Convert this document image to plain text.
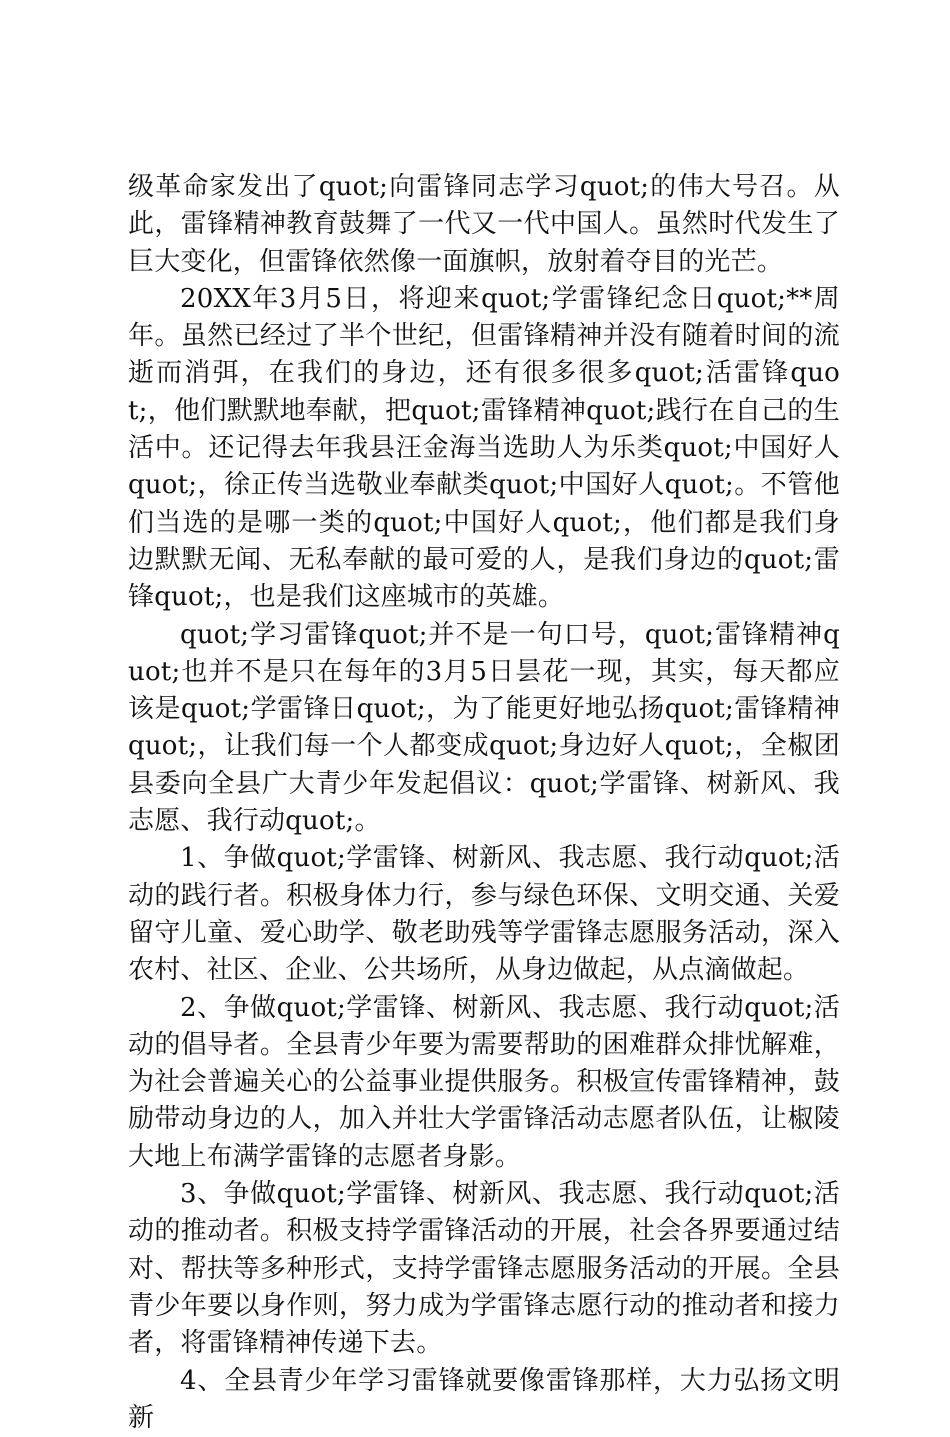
级革命家发出了quot;向雷锋同志学习quot;的伟大号召。从此，雷锋精神教育鼓舞了一代又一代中国人。虽然时代发生了巨大变化，但雷锋依然像一面旗帜，放射着夺目的光芒。

20XX年3月5日，将迎来quot;学雷锋纪念日quot;**周年。虽然已经过了半个世纪，但雷锋精神并没有随着时间的流逝而消弭，在我们的身边，还有很多很多quot;活雷锋quot;，他们默默地奉献，把quot;雷锋精神quot;践行在自己的生活中。还记得去年我县汪金海当选助人为乐类quot;中国好人quot;，徐正传当选敬业奉献类quot;中国好人quot;。不管他们当选的是哪一类的quot;中国好人quot;，他们都是我们身边默默无闻、无私奉献的最可爱的人，是我们身边的quot;雷锋quot;，也是我们这座城市的英雄。

quot;学习雷锋quot;并不是一句口号，quot;雷锋精神quot;也并不是只在每年的3月5日昙花一现，其实，每天都应该是quot;学雷锋日quot;，为了能更好地弘扬quot;雷锋精神quot;，让我们每一个人都变成quot;身边好人quot;，全椒团县委向全县广大青少年发起倡议：quot;学雷锋、树新风、我志愿、我行动quot;。

1、争做quot;学雷锋、树新风、我志愿、我行动quot;活动的践行者。积极身体力行，参与绿色环保、文明交通、关爱留守儿童、爱心助学、敬老助残等学雷锋志愿服务活动，深入农村、社区、企业、公共场所，从身边做起，从点滴做起。

2、争做quot;学雷锋、树新风、我志愿、我行动quot;活动的倡导者。全县青少年要为需要帮助的困难群众排忧解难，为社会普遍关心的公益事业提供服务。积极宣传雷锋精神，鼓励带动身边的人，加入并壮大学雷锋活动志愿者队伍，让椒陵大地上布满学雷锋的志愿者身影。

3、争做quot;学雷锋、树新风、我志愿、我行动quot;活动的推动者。积极支持学雷锋活动的开展，社会各界要通过结对、帮扶等多种形式，支持学雷锋志愿服务活动的开展。全县青少年要以身作则，努力成为学雷锋志愿行动的推动者和接力者，将雷锋精神传递下去。

4、全县青少年学习雷锋就要像雷锋那样，大力弘扬文明新
